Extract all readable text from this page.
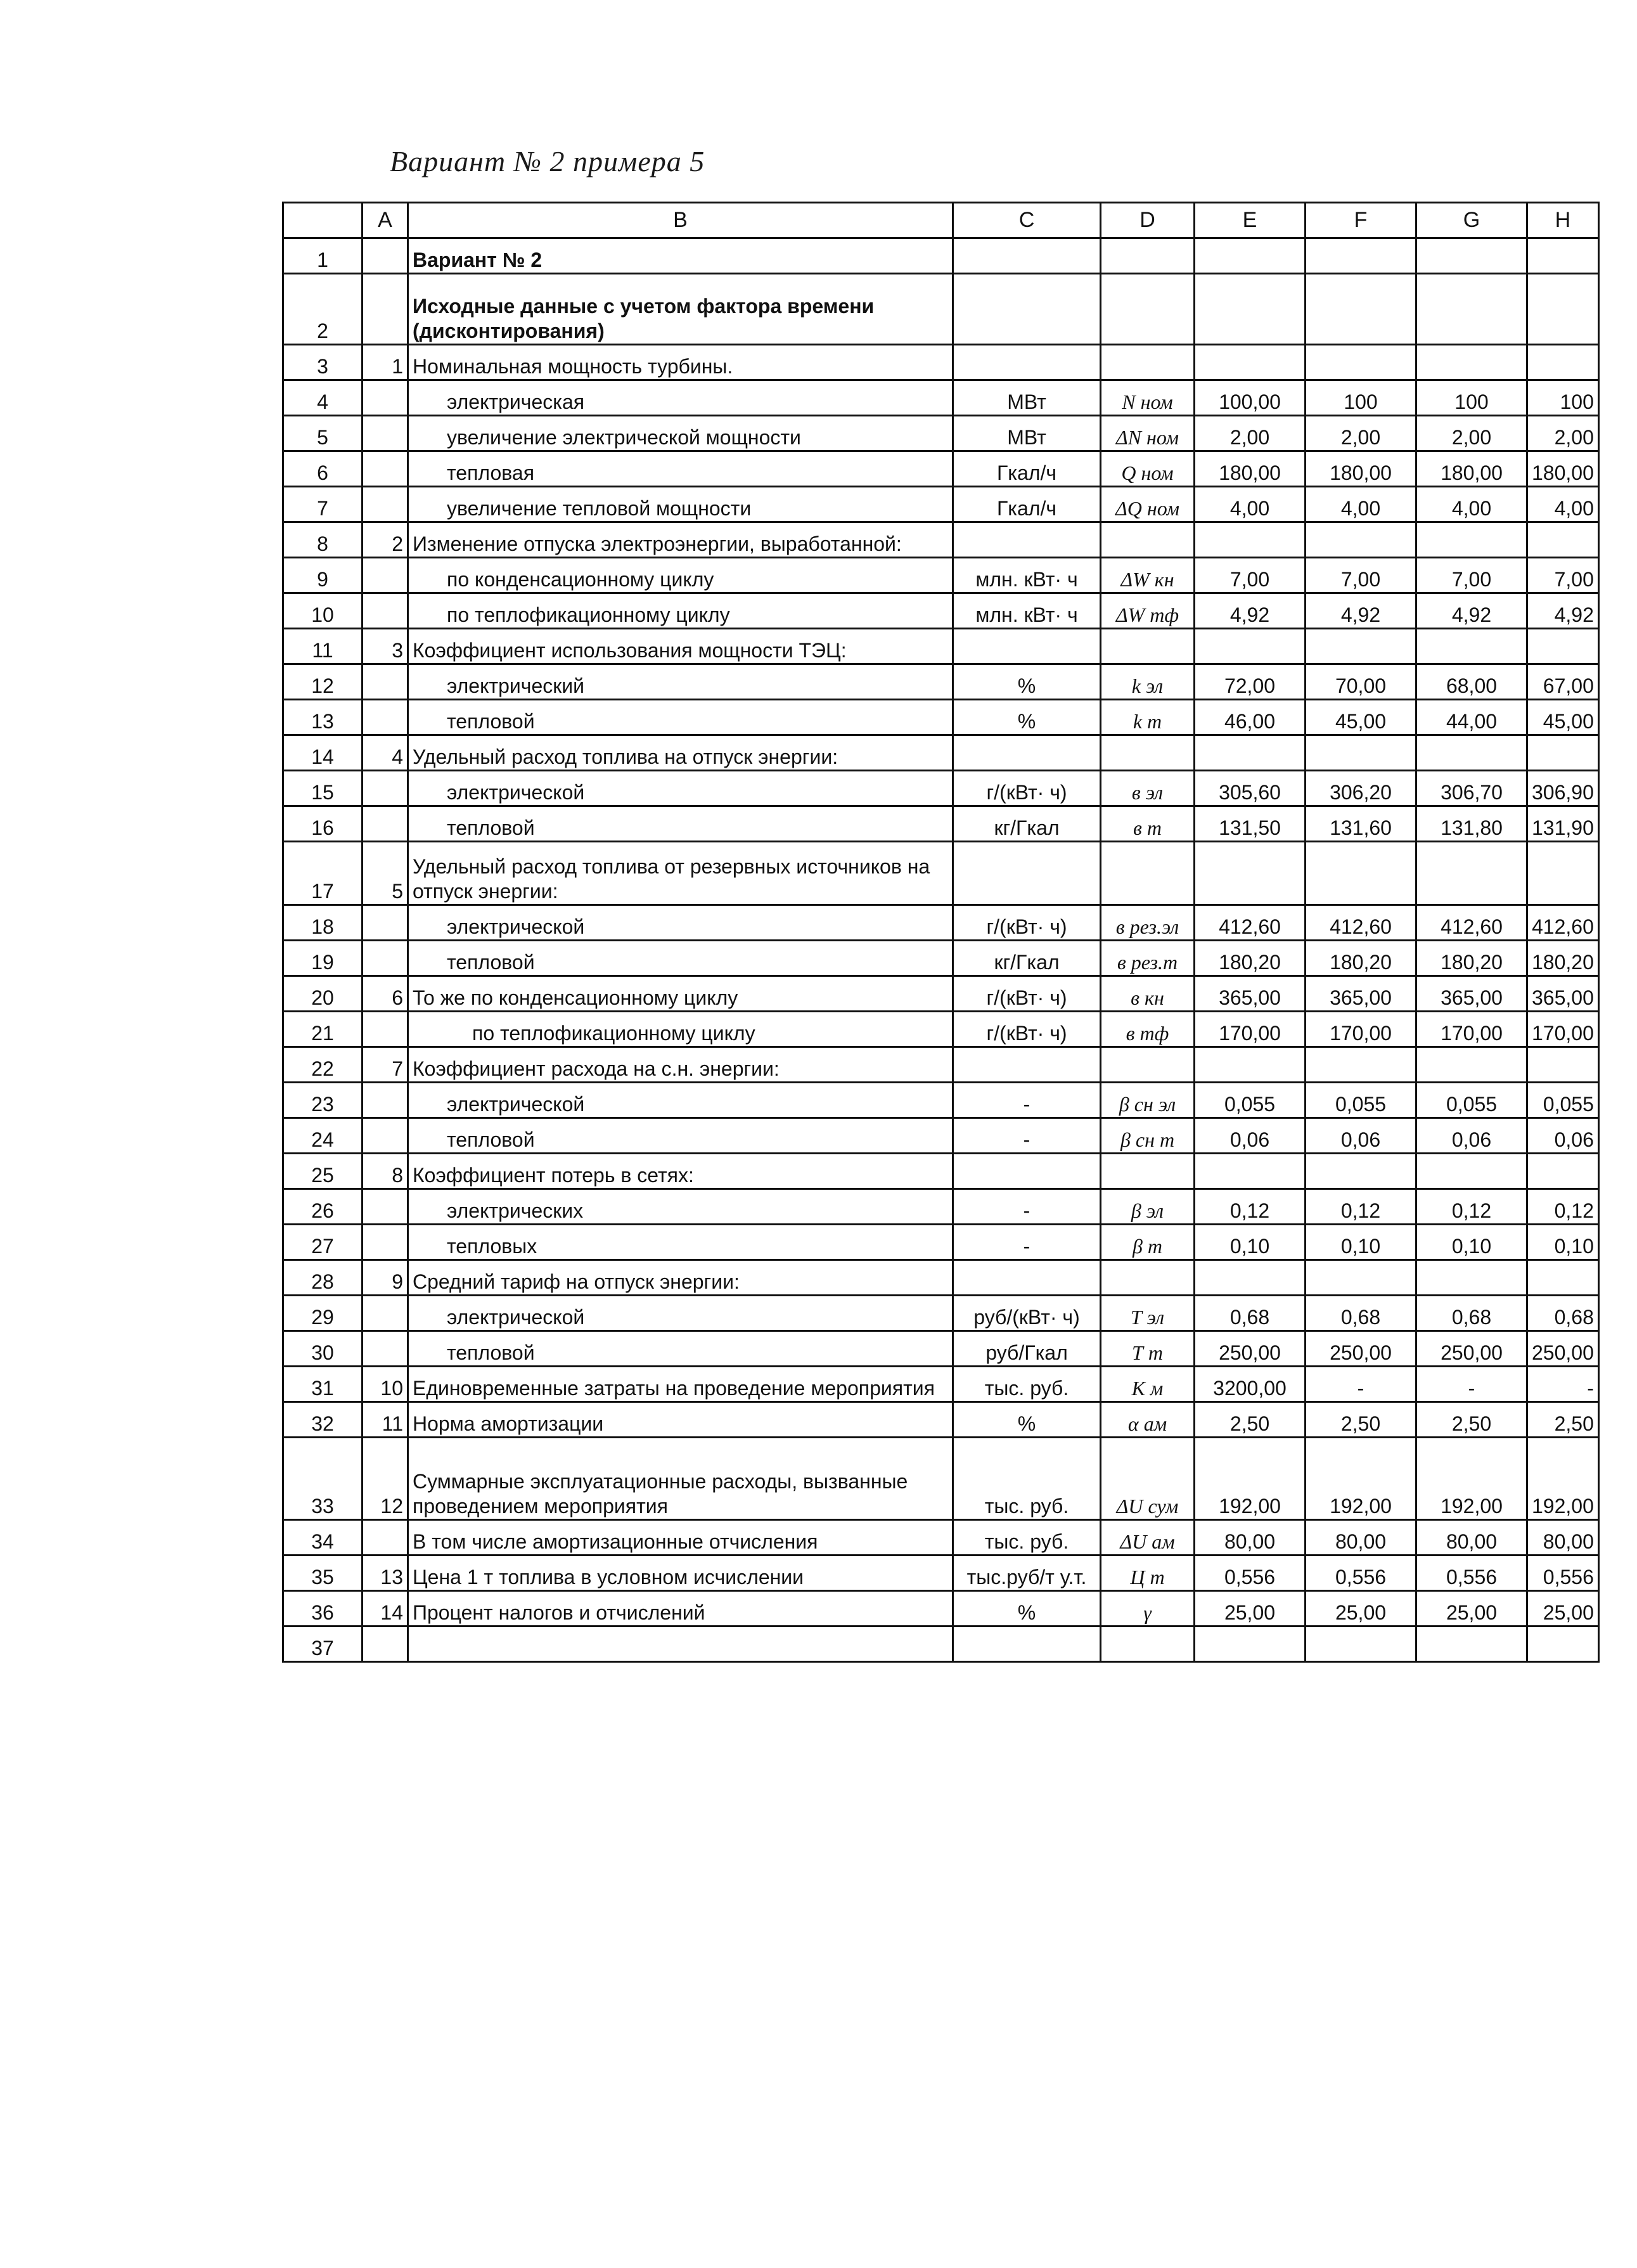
Вариант № 2 примера 5
	A	B	C	D	E	F	G	H
1		Вариант № 2						
2		Исходные данные с учетом фактора времени (дисконтирования)						
3	1	Номинальная мощность турбины.						
4		электрическая	МВт	N ном	100,00	100	100	100
5		увеличение электрической мощности	МВт	ΔN ном	2,00	2,00	2,00	2,00
6		тепловая	Гкал/ч	Q ном	180,00	180,00	180,00	180,00
7		увеличение тепловой мощности	Гкал/ч	ΔQ ном	4,00	4,00	4,00	4,00
8	2	Изменение отпуска электроэнергии, выработанной:						
9		по конденсационному циклу	млн. кВт· ч	ΔW кн	7,00	7,00	7,00	7,00
10		по теплофикационному циклу	млн. кВт· ч	ΔW тф	4,92	4,92	4,92	4,92
11	3	Коэффициент использования мощности ТЭЦ:						
12		электрический	%	k эл	72,00	70,00	68,00	67,00
13		тепловой	%	k т	46,00	45,00	44,00	45,00
14	4	Удельный расход топлива на отпуск энергии:						
15		электрической	г/(кВт· ч)	в эл	305,60	306,20	306,70	306,90
16		тепловой	кг/Гкал	в т	131,50	131,60	131,80	131,90
17	5	Удельный расход топлива от резервных источников на отпуск энергии:						
18		электрической	г/(кВт· ч)	в рез.эл	412,60	412,60	412,60	412,60
19		тепловой	кг/Гкал	в рез.т	180,20	180,20	180,20	180,20
20	6	То же по конденсационному циклу	г/(кВт· ч)	в кн	365,00	365,00	365,00	365,00
21		по теплофикационному циклу	г/(кВт· ч)	в тф	170,00	170,00	170,00	170,00
22	7	Коэффициент расхода на с.н. энергии:						
23		электрической	-	β сн эл	0,055	0,055	0,055	0,055
24		тепловой	-	β сн т	0,06	0,06	0,06	0,06
25	8	Коэффициент потерь в сетях:						
26		электрических	-	β эл	0,12	0,12	0,12	0,12
27		тепловых	-	β т	0,10	0,10	0,10	0,10
28	9	Средний тариф на отпуск энергии:						
29		электрической	руб/(кВт· ч)	Т эл	0,68	0,68	0,68	0,68
30		тепловой	руб/Гкал	Т т	250,00	250,00	250,00	250,00
31	10	Единовременные затраты на проведение мероприятия	тыс. руб.	К м	3200,00	-	-	-
32	11	Норма амортизации	%	α ам	2,50	2,50	2,50	2,50
33	12	Суммарные эксплуатационные расходы, вызванные проведением мероприятия	тыс. руб.	ΔU сум	192,00	192,00	192,00	192,00
34		В том числе амортизационные отчисления	тыс. руб.	ΔU ам	80,00	80,00	80,00	80,00
35	13	Цена 1 т топлива в условном исчислении	тыс.руб/т у.т.	Ц т	0,556	0,556	0,556	0,556
36	14	Процент налогов и отчислений	%	γ	25,00	25,00	25,00	25,00
37								
